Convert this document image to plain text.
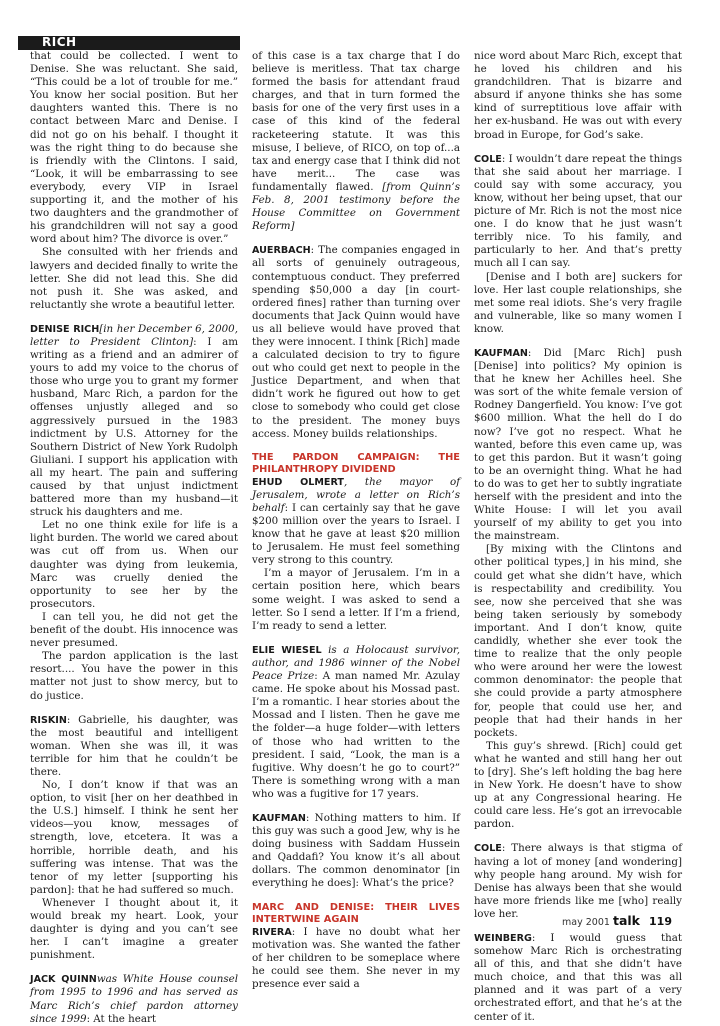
RICH

that could be collected. I went to Denise. She was reluctant. She said, “This could be a lot of trouble for me.” You know her social position. But her daughters wanted this. There is no contact between Marc and Denise. I did not go on his behalf. I thought it was the right thing to do because she is friendly with the Clintons. I said, “Look, it will be embarrassing to see everybody, every VIP in Israel supporting it, and the mother of his two daughters and the grandmother of his grandchildren will not say a good word about him? The divorce is over.”

She consulted with her friends and lawyers and decided finally to write the letter. She did not lead this. She did not push it. She was asked, and reluctantly she wrote a beautiful letter.

DENISE RICH[in her December 6, 2000, letter to President Clinton]: I am writing as a friend and an admirer of yours to add my voice to the chorus of those who urge you to grant my former husband, Marc Rich, a pardon for the offenses unjustly alleged and so aggressively pursued in the 1983 indictment by U.S. Attorney for the Southern District of New York Rudolph Giuliani. I support his application with all my heart. The pain and suffering caused by that unjust indictment battered more than my husband—it struck his daughters and me.

Let no one think exile for life is a light burden. The world we cared about was cut off from us. When our daughter was dying from leukemia, Marc was cruelly denied the opportunity to see her by the prosecutors.

I can tell you, he did not get the benefit of the doubt. His innocence was never presumed.

The pardon application is the last resort.... You have the power in this matter not just to show mercy, but to do justice.

RISKIN: Gabrielle, his daughter, was the most beautiful and intelligent woman. When she was ill, it was terrible for him that he couldn’t be there.

No, I don’t know if that was an option, to visit [her on her deathbed in the U.S.] himself. I think he sent her videos—you know, messages of strength, love, etcetera. It was a horrible, horrible death, and his suffering was intense. That was the tenor of my letter [supporting his pardon]: that he had suffered so much.

Whenever I thought about it, it would break my heart. Look, your daughter is dying and you can’t see her. I can’t imagine a greater punishment.

JACK QUINNwas White House counsel from 1995 to 1996 and has served as Marc Rich’s chief pardon attorney since 1999: At the heart

of this case is a tax charge that I do believe is meritless. That tax charge formed the basis for attendant fraud charges, and that in turn formed the basis for one of the very first uses in a case of this kind of the federal racketeering statute. It was this misuse, I believe, of RICO, on top of...a tax and energy case that I think did not have merit... The case was fundamentally flawed. [from Quinn’s Feb. 8, 2001 testimony before the House Committee on Government Reform]

AUERBACH: The companies engaged in all sorts of genuinely outrageous, contemptuous conduct. They preferred spending $50,000 a day [in court-ordered fines] rather than turning over documents that Jack Quinn would have us all believe would have proved that they were innocent. I think [Rich] made a calculated decision to try to figure out who could get next to people in the Justice Department, and when that didn’t work he figured out how to get close to somebody who could get close to the president. The money buys access. Money builds relationships.

THE PARDON CAMPAIGN: THE PHILANTHROPY DIVIDEND

EHUD OLMERT, the mayor of Jerusalem, wrote a letter on Rich’s behalf: I can certainly say that he gave $200 million over the years to Israel. I know that he gave at least $20 million to Jerusalem. He must feel something very strong to this country.

I’m a mayor of Jerusalem. I’m in a certain position here, which bears some weight. I was asked to send a letter. So I send a letter. If I’m a friend, I’m ready to send a letter.

ELIE WIESEL is a Holocaust survivor, author, and 1986 winner of the Nobel Peace Prize: A man named Mr. Azulay came. He spoke about his Mossad past. I’m a romantic. I hear stories about the Mossad and I listen. Then he gave me the folder—a huge folder—with letters of those who had written to the president. I said, “Look, the man is a fugitive. Why doesn’t he go to court?” There is something wrong with a man who was a fugitive for 17 years.

KAUFMAN: Nothing matters to him. If this guy was such a good Jew, why is he doing business with Saddam Hussein and Qaddafi? You know it’s all about dollars. The common denominator [in everything he does]: What’s the price?

MARC AND DENISE: THEIR LIVES INTERTWINE AGAIN

RIVERA: I have no doubt what her motivation was. She wanted the father of her children to be someplace where he could see them. She never in my presence ever said a

nice word about Marc Rich, except that he loved his children and his grandchildren. That is bizarre and absurd if anyone thinks she has some kind of surreptitious love affair with her ex-husband. He was out with every broad in Europe, for God’s sake.

COLE: I wouldn’t dare repeat the things that she said about her marriage. I could say with some accuracy, you know, without her being upset, that our picture of Mr. Rich is not the most nice one. I do know that he just wasn’t terribly nice. To his family, and particularly to her. And that’s pretty much all I can say.

[Denise and I both are] suckers for love. Her last couple relationships, she met some real idiots. She’s very fragile and vulnerable, like so many women I know.

KAUFMAN: Did [Marc Rich] push [Denise] into politics? My opinion is that he knew her Achilles heel. She was sort of the white female version of Rodney Dangerfield. You know: I’ve got $600 million. What the hell do I do now? I’ve got no respect. What he wanted, before this even came up, was to get this pardon. But it wasn’t going to be an overnight thing. What he had to do was to get her to subtly ingratiate herself with the president and into the White House: I will let you avail yourself of my ability to get you into the mainstream.

[By mixing with the Clintons and other political types,] in his mind, she could get what she didn’t have, which is respectability and credibility. You see, now she perceived that she was being taken seriously by somebody important. And I don’t know, quite candidly, whether she ever took the time to realize that the only people who were around her were the lowest common denominator: the people that she could provide a party atmosphere for, people that could use her, and people that had their hands in her pockets.

This guy’s shrewd. [Rich] could get what he wanted and still hang her out to [dry]. She’s left holding the bag here in New York. He doesn’t have to show up at any Congressional hearing. He could care less. He’s got an irrevocable pardon.

COLE: There always is that stigma of having a lot of money [and wondering] why people hang around. My wish for Denise has always been that she would have more friends like me [who] really love her.

WEINBERG: I would guess that somehow Marc Rich is orchestrating all of this, and that she didn’t have much choice, and that this was all planned and it was part of a very orchestrated effort, and that he’s at the center of it.

may 2001 talk 119
